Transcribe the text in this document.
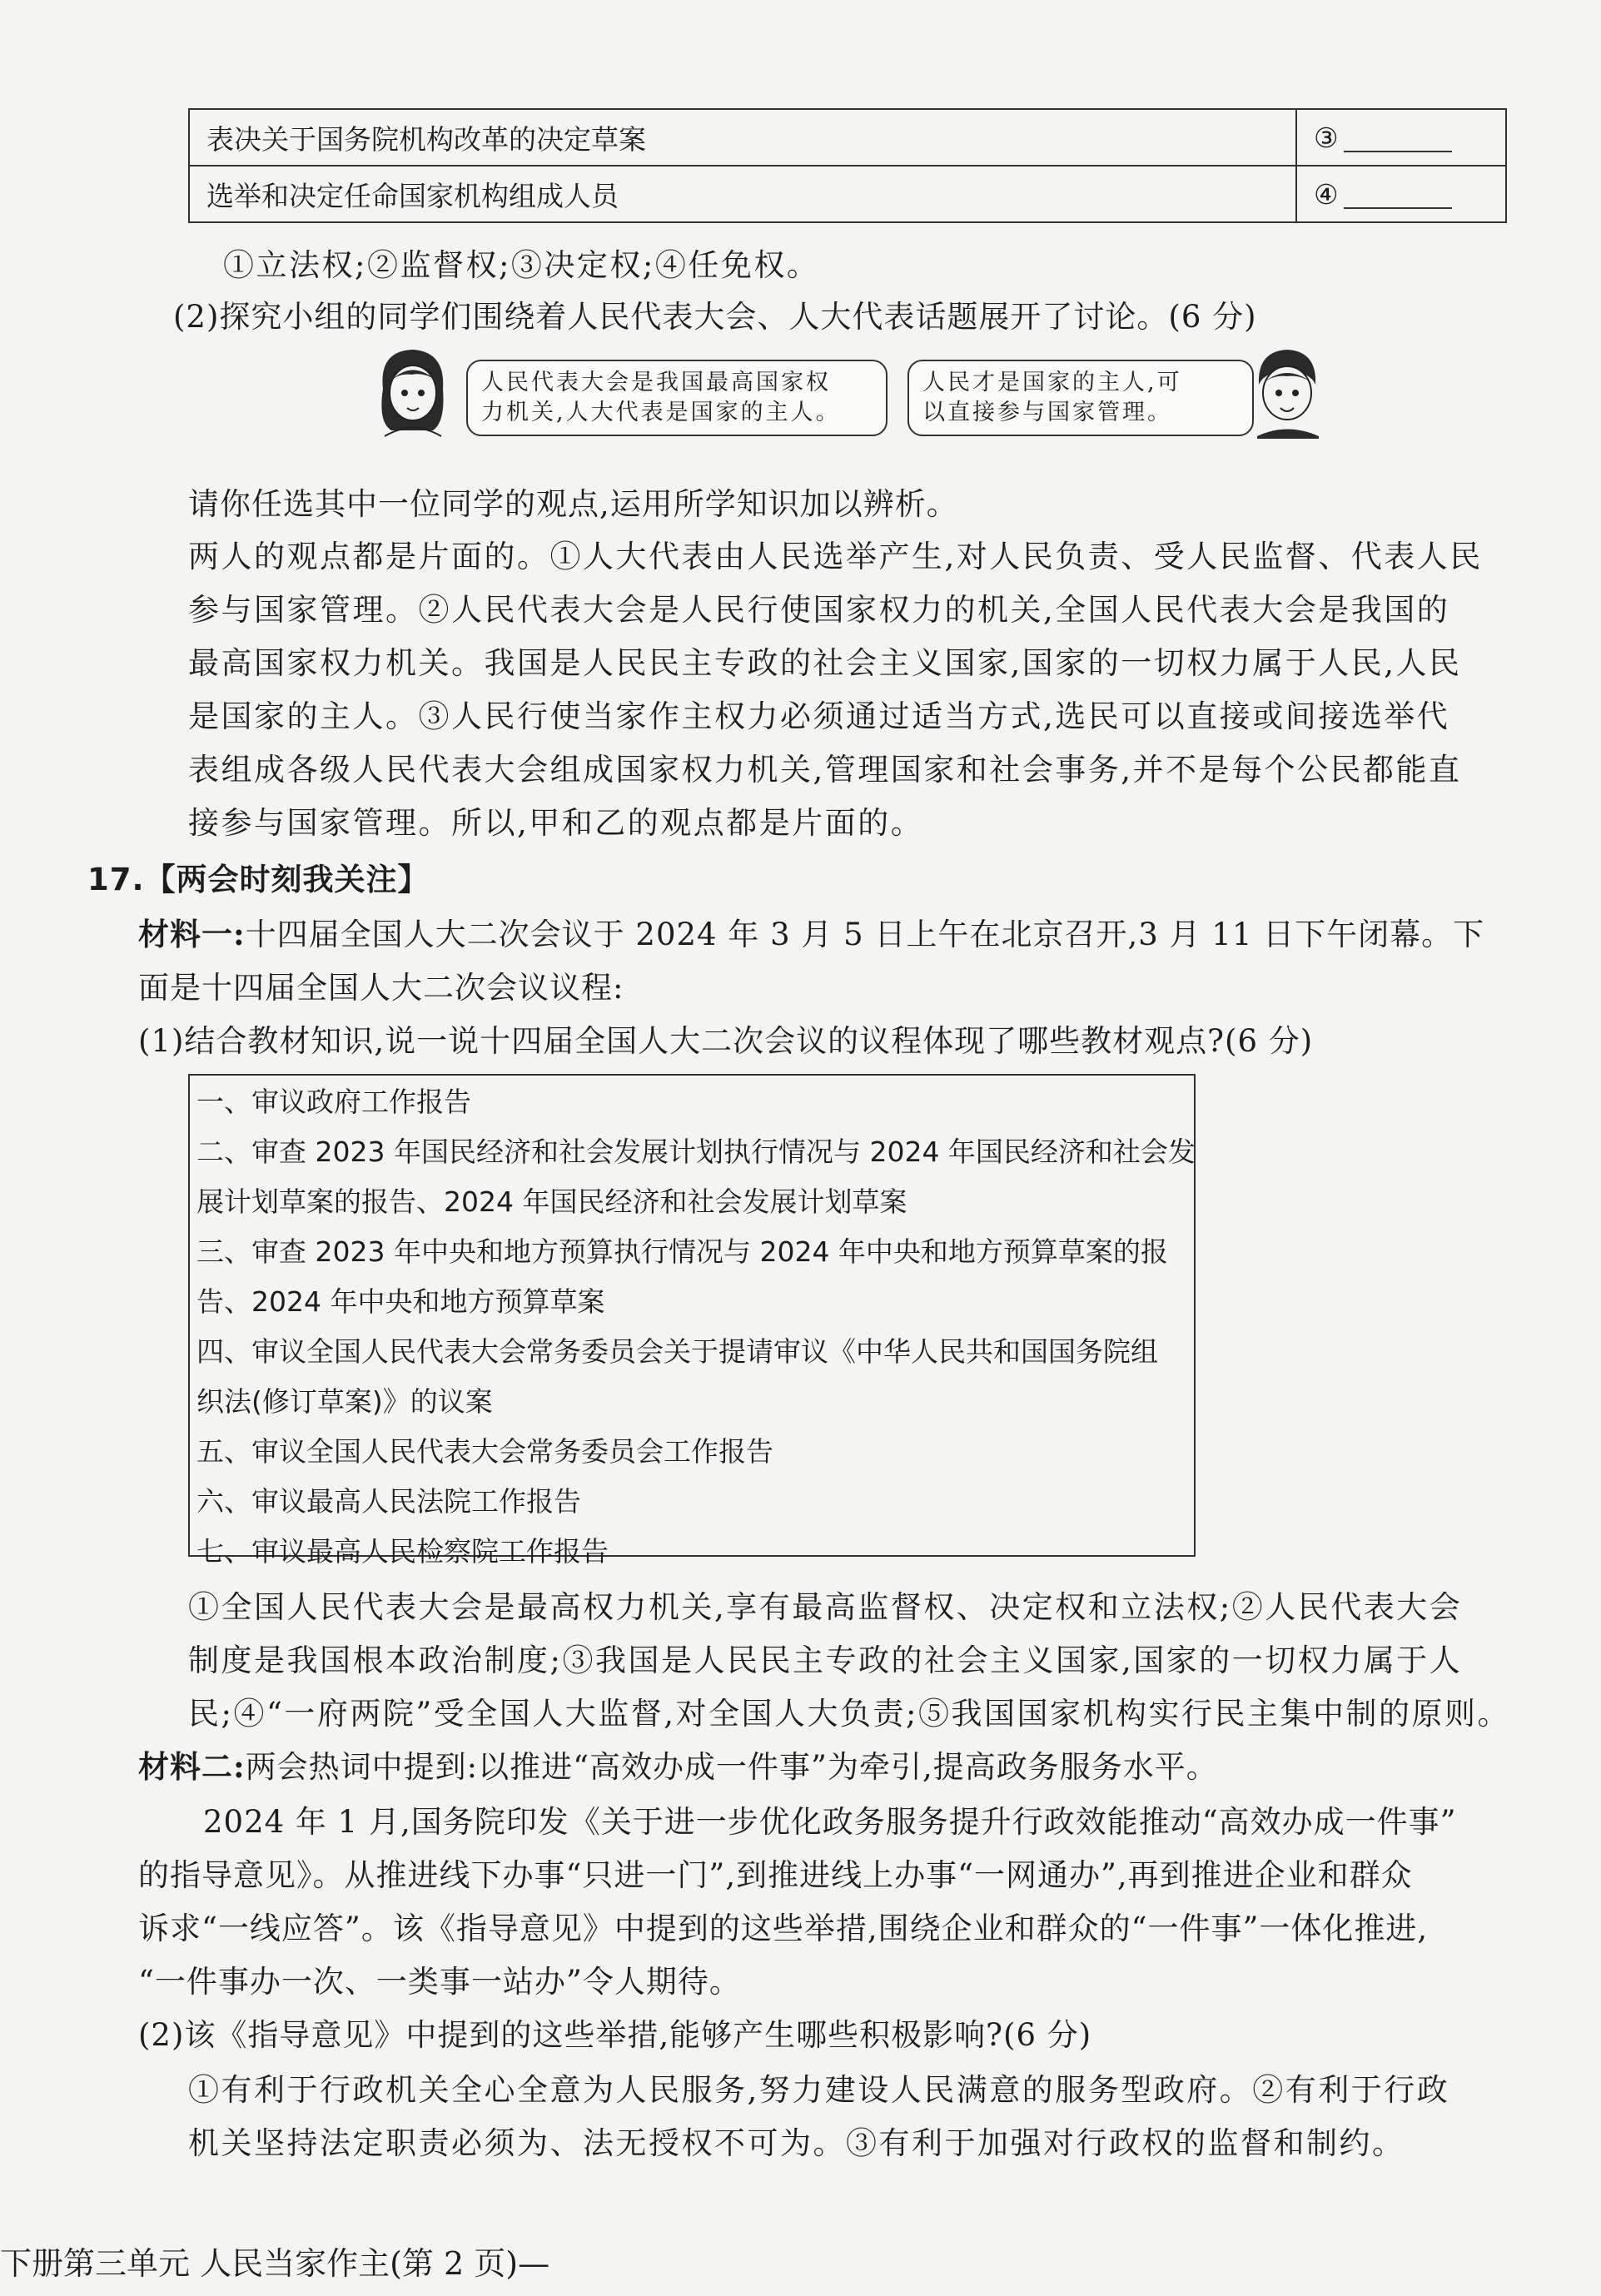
表决关于国务院机构改革的决定草案	③
选举和决定任命国家机构组成人员	④
①立法权;②监督权;③决定权;④任免权。
(2)探究小组的同学们围绕着人民代表大会、人大代表话题展开了讨论。(6 分)
人民代表大会是我国最高国家权
力机关,人大代表是国家的主人。
人民才是国家的主人,可
以直接参与国家管理。
请你任选其中一位同学的观点,运用所学知识加以辨析。
两人的观点都是片面的。①人大代表由人民选举产生,对人民负责、受人民监督、代表人民
参与国家管理。②人民代表大会是人民行使国家权力的机关,全国人民代表大会是我国的
最高国家权力机关。我国是人民民主专政的社会主义国家,国家的一切权力属于人民,人民
是国家的主人。③人民行使当家作主权力必须通过适当方式,选民可以直接或间接选举代
表组成各级人民代表大会组成国家权力机关,管理国家和社会事务,并不是每个公民都能直
接参与国家管理。所以,甲和乙的观点都是片面的。
17.【两会时刻我关注】
材料一:十四届全国人大二次会议于 2024 年 3 月 5 日上午在北京召开,3 月 11 日下午闭幕。下
面是十四届全国人大二次会议议程:
(1)结合教材知识,说一说十四届全国人大二次会议的议程体现了哪些教材观点?(6 分)
一、审议政府工作报告
二、审查 2023 年国民经济和社会发展计划执行情况与 2024 年国民经济和社会发
展计划草案的报告、2024 年国民经济和社会发展计划草案
三、审查 2023 年中央和地方预算执行情况与 2024 年中央和地方预算草案的报
告、2024 年中央和地方预算草案
四、审议全国人民代表大会常务委员会关于提请审议《中华人民共和国国务院组
织法(修订草案)》的议案
五、审议全国人民代表大会常务委员会工作报告
六、审议最高人民法院工作报告
七、审议最高人民检察院工作报告
①全国人民代表大会是最高权力机关,享有最高监督权、决定权和立法权;②人民代表大会
制度是我国根本政治制度;③我国是人民民主专政的社会主义国家,国家的一切权力属于人
民;④“一府两院”受全国人大监督,对全国人大负责;⑤我国国家机构实行民主集中制的原则。
材料二:两会热词中提到:以推进“高效办成一件事”为牵引,提高政务服务水平。
2024 年 1 月,国务院印发《关于进一步优化政务服务提升行政效能推动“高效办成一件事”
的指导意见》。从推进线下办事“只进一门”,到推进线上办事“一网通办”,再到推进企业和群众
诉求“一线应答”。该《指导意见》中提到的这些举措,围绕企业和群众的“一件事”一体化推进,
“一件事办一次、一类事一站办”令人期待。
(2)该《指导意见》中提到的这些举措,能够产生哪些积极影响?(6 分)
①有利于行政机关全心全意为人民服务,努力建设人民满意的服务型政府。②有利于行政
机关坚持法定职责必须为、法无授权不可为。③有利于加强对行政权的监督和制约。
下册第三单元 人民当家作主(第 2 页)—
